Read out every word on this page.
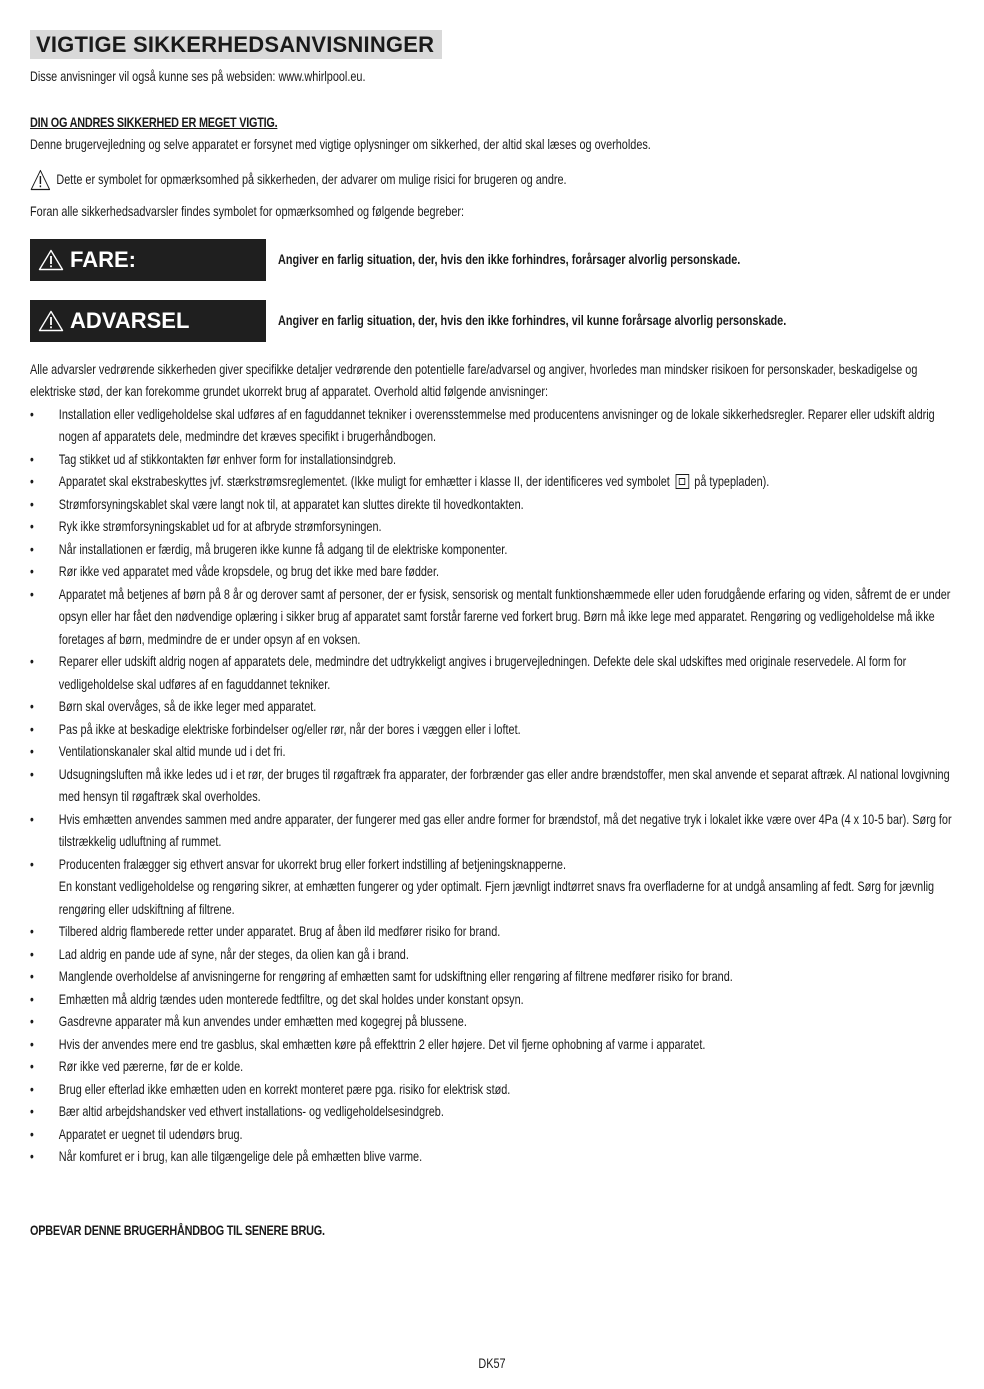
VIGTIGE SIKKERHEDSANVISNINGER
Disse anvisninger vil også kunne ses på websiden: www.whirlpool.eu.
DIN OG ANDRES SIKKERHED ER MEGET VIGTIG.
Denne brugervejledning og selve apparatet er forsynet med vigtige oplysninger om sikkerhed, der altid skal læses og overholdes.
Dette er symbolet for opmærksomhed på sikkerheden, der advarer om mulige risici for brugeren og andre.
Foran alle sikkerhedsadvarsler findes symbolet for opmærksomhed og følgende begreber:
FARE:	Angiver en farlig situation, der, hvis den ikke forhindres, forårsager alvorlig personskade.
ADVARSEL	Angiver en farlig situation, der, hvis den ikke forhindres, vil kunne forårsage alvorlig personskade.
Alle advarsler vedrørende sikkerheden giver specifikke detaljer vedrørende den potentielle fare/advarsel og angiver, hvorledes man mindsker risikoen for personskader, beskadigelse og elektriske stød, der kan forekomme grundet ukorrekt brug af apparatet. Overhold altid følgende anvisninger:
• Installation eller vedligeholdelse skal udføres af en faguddannet tekniker i overensstemmelse med producentens anvisninger og de lokale sikkerhedsregler. Reparer eller udskift aldrig nogen af apparatets dele, medmindre det kræves specifikt i brugerhåndbogen.
• Tag stikket ud af stikkontakten før enhver form for installationsindgreb.
• Apparatet skal ekstrabeskyttes jvf. stærkstrømsreglementet. (Ikke muligt for emhætter i klasse II, der identificeres ved symbolet på typepladen).
• Strømforsyningskablet skal være langt nok til, at apparatet kan sluttes direkte til hovedkontakten.
• Ryk ikke strømforsyningskablet ud for at afbryde strømforsyningen.
• Når installationen er færdig, må brugeren ikke kunne få adgang til de elektriske komponenter.
• Rør ikke ved apparatet med våde kropsdele, og brug det ikke med bare fødder.
• Apparatet må betjenes af børn på 8 år og derover samt af personer, der er fysisk, sensorisk og mentalt funktionshæmmede eller uden forudgående erfaring og viden, såfremt de er under opsyn eller har fået den nødvendige oplæring i sikker brug af apparatet samt forstår farerne ved forkert brug. Børn må ikke lege med apparatet. Rengøring og vedligeholdelse må ikke foretages af børn, medmindre de er under opsyn af en voksen.
• Reparer eller udskift aldrig nogen af apparatets dele, medmindre det udtrykkeligt angives i brugervejledningen. Defekte dele skal udskiftes med originale reservedele. Al form for vedligeholdelse skal udføres af en faguddannet tekniker.
• Børn skal overvåges, så de ikke leger med apparatet.
• Pas på ikke at beskadige elektriske forbindelser og/eller rør, når der bores i væggen eller i loftet.
• Ventilationskanaler skal altid munde ud i det fri.
• Udsugningsluften må ikke ledes ud i et rør, der bruges til røgaftræk fra apparater, der forbrænder gas eller andre brændstoffer, men skal anvende et separat aftræk. Al national lovgivning med hensyn til røgaftræk skal overholdes.
• Hvis emhætten anvendes sammen med andre apparater, der fungerer med gas eller andre former for brændstof, må det negative tryk i lokalet ikke være over 4Pa (4 x 10-5 bar). Sørg for tilstrækkelig udluftning af rummet.
• Producenten fralægger sig ethvert ansvar for ukorrekt brug eller forkert indstilling af betjeningsknapperne.
En konstant vedligeholdelse og rengøring sikrer, at emhætten fungerer og yder optimalt. Fjern jævnligt indtørret snavs fra overfladerne for at undgå ansamling af fedt. Sørg for jævnlig rengøring eller udskiftning af filtrene.
• Tilbered aldrig flamberede retter under apparatet. Brug af åben ild medfører risiko for brand.
• Lad aldrig en pande ude af syne, når der steges, da olien kan gå i brand.
• Manglende overholdelse af anvisningerne for rengøring af emhætten samt for udskiftning eller rengøring af filtrene medfører risiko for brand.
• Emhætten må aldrig tændes uden monterede fedtfiltre, og det skal holdes under konstant opsyn.
• Gasdrevne apparater må kun anvendes under emhætten med kogegrej på blussene.
• Hvis der anvendes mere end tre gasblus, skal emhætten køre på effekttrin 2 eller højere. Det vil fjerne ophobning af varme i apparatet.
• Rør ikke ved pærerne, før de er kolde.
• Brug eller efterlad ikke emhætten uden en korrekt monteret pære pga. risiko for elektrisk stød.
• Bær altid arbejdshandsker ved ethvert installations- og vedligeholdelsesindgreb.
• Apparatet er uegnet til udendørs brug.
• Når komfuret er i brug, kan alle tilgængelige dele på emhætten blive varme.
OPBEVAR DENNE BRUGERHÅNDBOG TIL SENERE BRUG.
DK57
